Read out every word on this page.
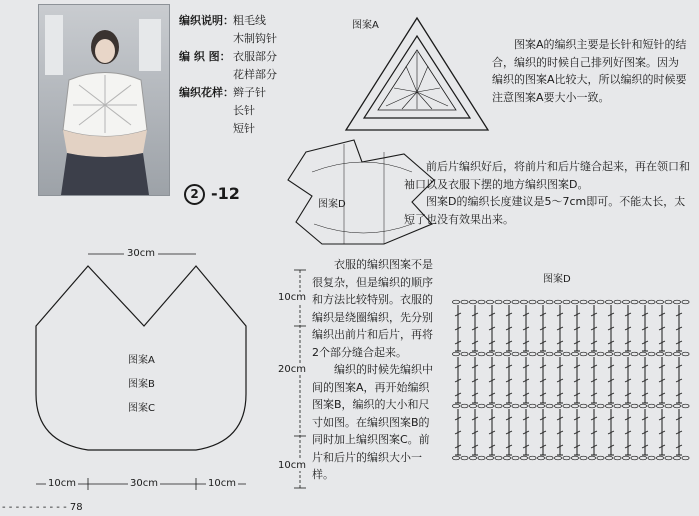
编织说明： 粗毛线
木制钩针
编 织 图： 衣服部分
花样部分
编织花样： 辫子针
长针
短针
2 -12
图案A
图案D
30cm
图案A
图案B
图案C
10cm	30cm	10cm
10cm
20cm
10cm

图案A的编织主要是长针和短针的结合，编织的时候自己排列好图案。因为编织的图案A比较大，所以编织的时候要注意图案A要大小一致。

前后片编织好后，将前片和后片缝合起来，再在领口和袖口以及衣服下摆的地方编织图案D。

图案D的编织长度建议是5～7cm即可。不能太长，太短了也没有效果出来。

衣服的编织图案不是很复杂，但是编织的顺序和方法比较特别。衣服的编织是绕圈编织，先分别编织出前片和后片，再将2个部分缝合起来。

编织的时候先编织中间的图案A，再开始编织图案B，编织的大小和尺寸如图。在编织图案B的同时加上编织图案C。前片和后片的编织大小一样。

图案D
- - - - - - - - - - 78
